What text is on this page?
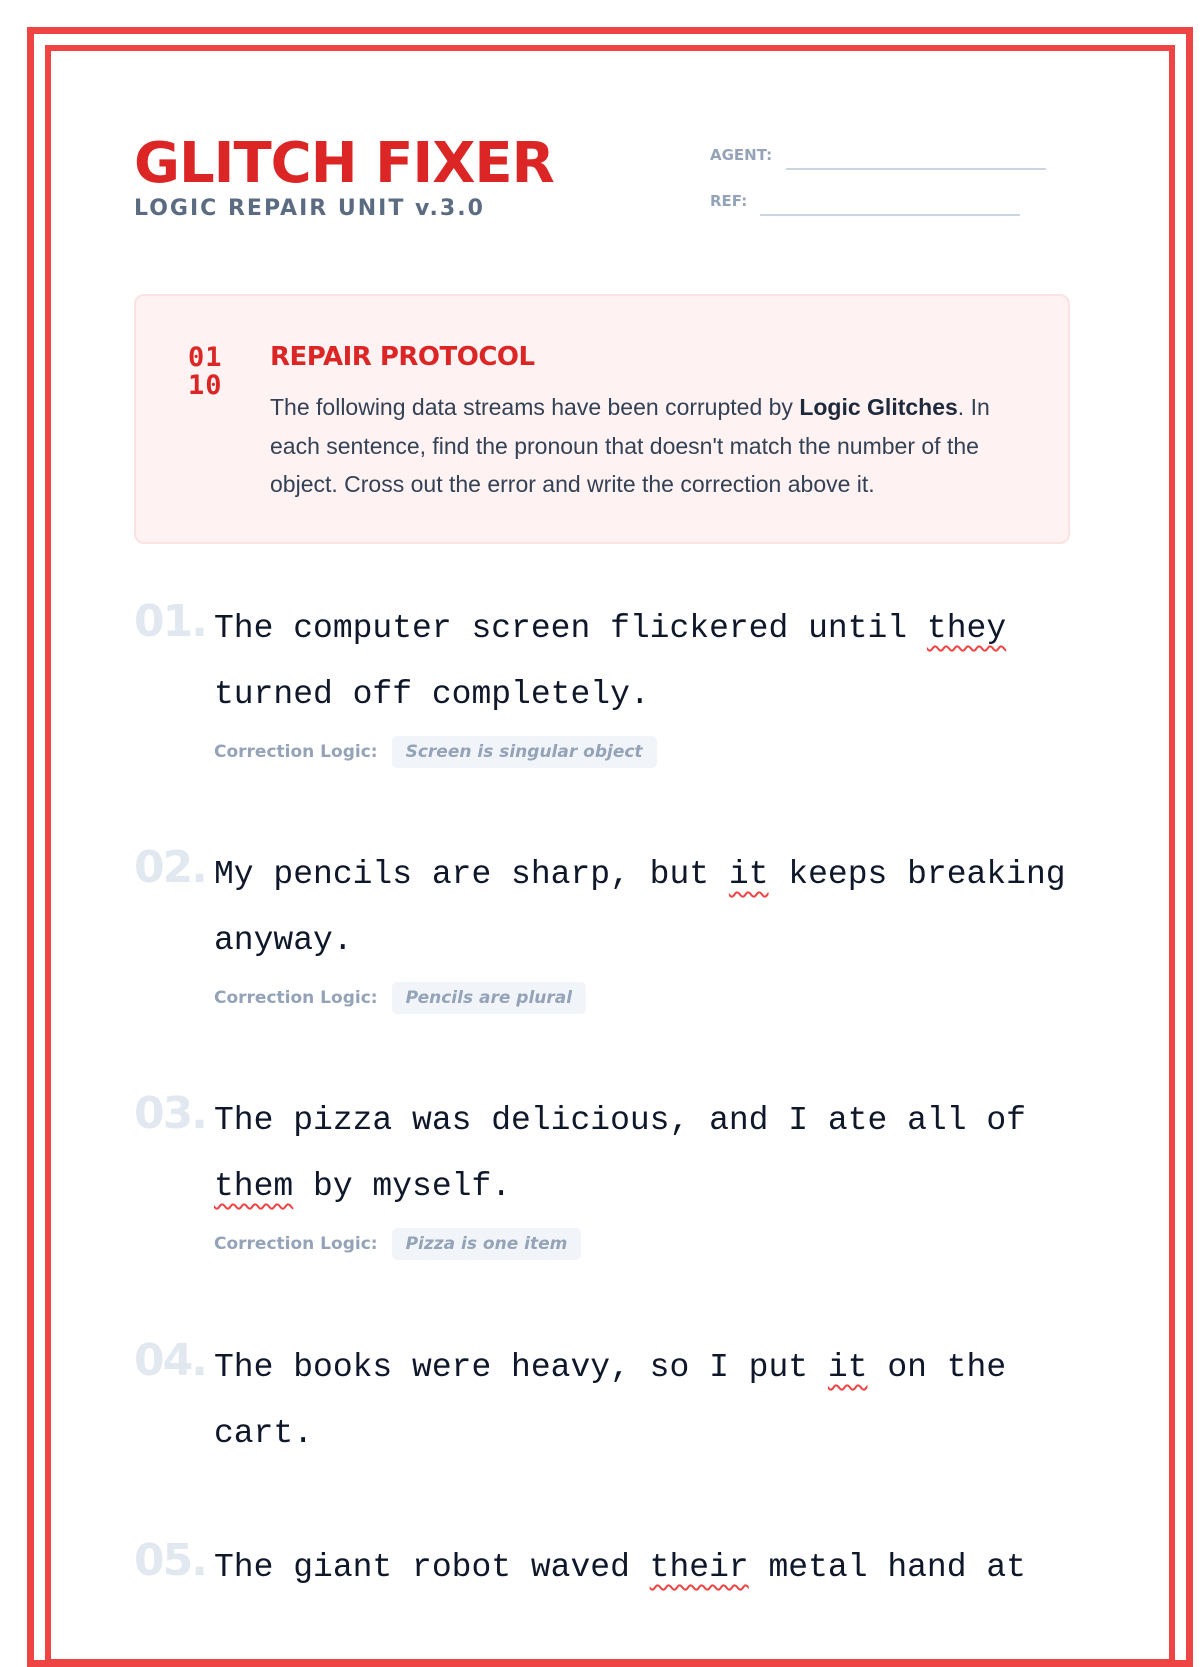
GLITCH FIXER
LOGIC REPAIR UNIT v.3.0
AGENT:
REF:
01
10
REPAIR PROTOCOL

The following data streams have been corrupted by Logic Glitches. In each sentence, find the pronoun that doesn't match the number of the object. Cross out the error and write the correction above it.

01. The computer screen flickered until they turned off completely.

Correction Logic: Screen is singular object
02. My pencils are sharp, but it keeps breaking anyway.

Correction Logic: Pencils are plural
03. The pizza was delicious, and I ate all of them by myself.

Correction Logic: Pizza is one item
04. The books were heavy, so I put it on the cart.

05. The giant robot waved their metal hand at
